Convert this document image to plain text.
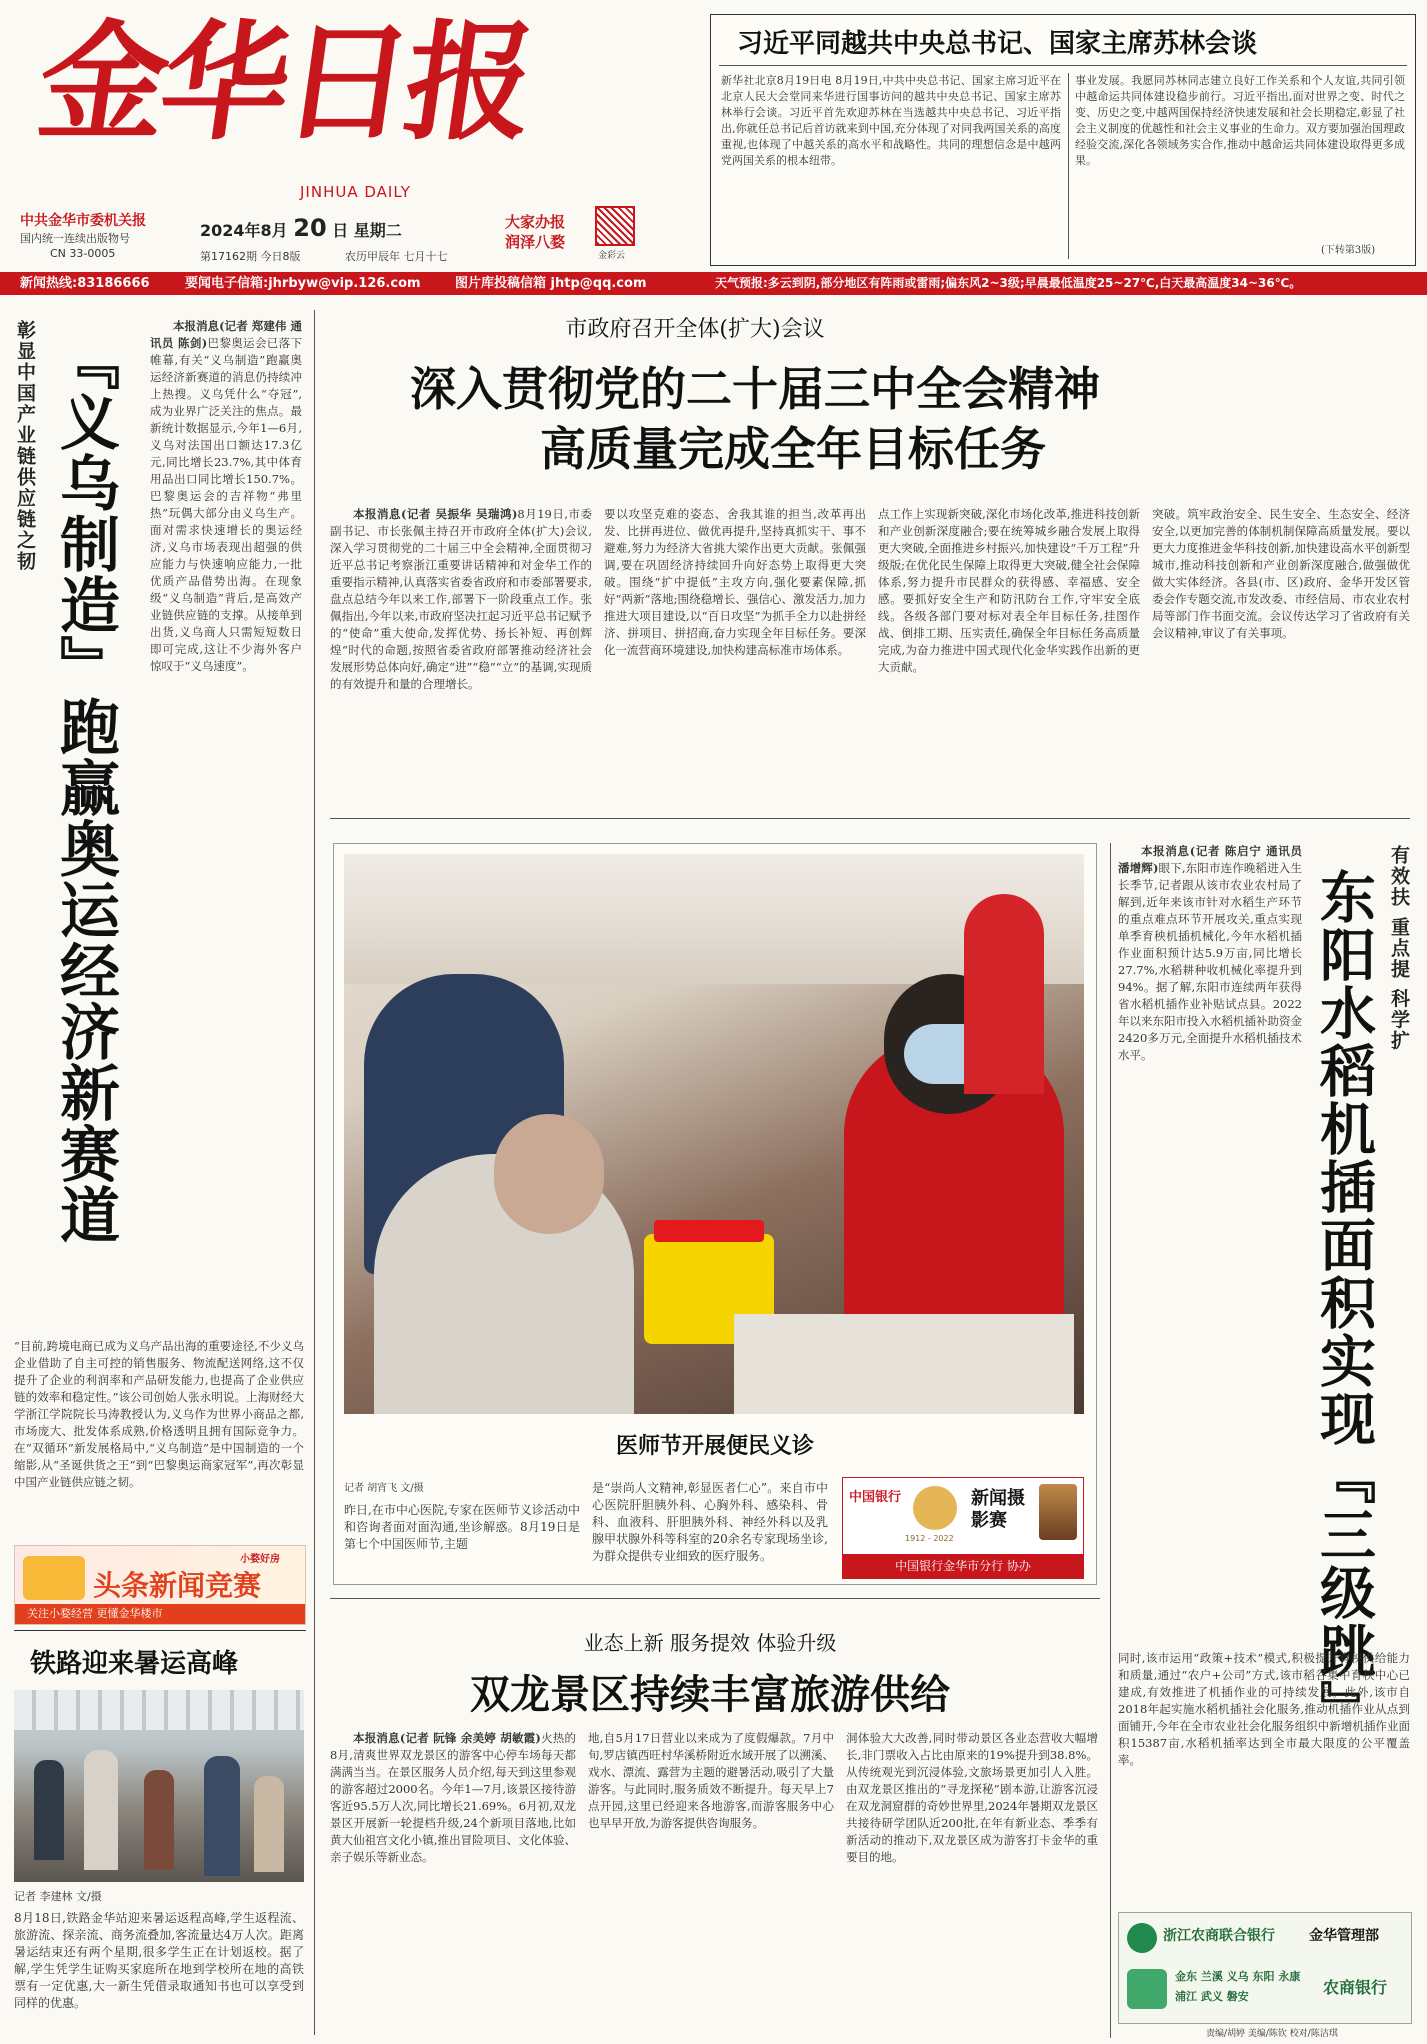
金华日报
JINHUA DAILY
中共金华市委机关报
国内统一连续出版物号
CN 33-0005
2024年8月 20 日 星期二
第17162期 今日8版	农历甲辰年 七月十七
大家办报
润泽八婺
金彩云
习近平同越共中央总书记、国家主席苏林会谈
新华社北京8月19日电 8月19日,中共中央总书记、国家主席习近平在北京人民大会堂同来华进行国事访问的越共中央总书记、国家主席苏林举行会谈。习近平首先欢迎苏林在当选越共中央总书记、习近平指出,你就任总书记后首访就来到中国,充分体现了对同我两国关系的高度重视,也体现了中越关系的高水平和战略性。共同的理想信念是中越两党两国关系的根本纽带。
事业发展。我愿同苏林同志建立良好工作关系和个人友谊,共同引领中越命运共同体建设稳步前行。习近平指出,面对世界之变、时代之变、历史之变,中越两国保持经济快速发展和社会长期稳定,彰显了社会主义制度的优越性和社会主义事业的生命力。双方要加强治国理政经验交流,深化各领域务实合作,推动中越命运共同体建设取得更多成果。
(下转第3版)
新闻热线:83186666	要闻电子信箱:jhrbyw@vip.126.com	图片库投稿信箱 jhtp@qq.com	天气预报:多云到阴,部分地区有阵雨或雷雨;偏东风2~3级;早晨最低温度25~27℃,白天最高温度34~36℃。
彰显中国产业链供应链之韧 『义乌制造』跑赢奥运经济新赛道

本报消息(记者 郑建伟 通讯员 陈剑)巴黎奥运会已落下帷幕,有关“义乌制造”跑赢奥运经济新赛道的消息仍持续冲上热搜。义乌凭什么“夺冠”,成为业界广泛关注的焦点。最新统计数据显示,今年1—6月,义乌对法国出口额达17.3亿元,同比增长23.7%,其中体育用品出口同比增长150.7%。巴黎奥运会的吉祥物“弗里热”玩偶大部分由义乌生产。面对需求快速增长的奥运经济,义乌市场表现出超强的供应能力与快速响应能力,一批优质产品借势出海。在现象级“义乌制造”背后,是高效产业链供应链的支撑。从接单到出货,义乌商人只需短短数日即可完成,这让不少海外客户惊叹于“义乌速度”。

“目前,跨境电商已成为义乌产品出海的重要途径,不少义乌企业借助了自主可控的销售服务、物流配送网络,这不仅提升了企业的利润率和产品研发能力,也提高了企业供应链的效率和稳定性。”该公司创始人张永明说。上海财经大学浙江学院院长马涛教授认为,义乌作为世界小商品之都,市场庞大、批发体系成熟,价格透明且拥有国际竞争力。在“双循环”新发展格局中,“义乌制造”是中国制造的一个缩影,从“圣诞供货之王”到“巴黎奥运商家冠军”,再次彰显中国产业链供应链之韧。
小婺好房
头条新闻竞赛
关注小婺经营 更懂金华楼市
铁路迎来暑运高峰
记者 李建林 文/摄
8月18日,铁路金华站迎来暑运返程高峰,学生返程流、旅游流、探亲流、商务流叠加,客流量达4万人次。距离暑运结束还有两个星期,很多学生正在计划返校。据了解,学生凭学生证购买家庭所在地到学校所在地的高铁票有一定优惠,大一新生凭借录取通知书也可以享受到同样的优惠。
市政府召开全体(扩大)会议
深入贯彻党的二十届三中全会精神
高质量完成全年目标任务

本报消息(记者 吴振华 吴瑞鸿)8月19日,市委副书记、市长张佩主持召开市政府全体(扩大)会议,深入学习贯彻党的二十届三中全会精神,全面贯彻习近平总书记考察浙江重要讲话精神和对金华工作的重要指示精神,认真落实省委省政府和市委部署要求,盘点总结今年以来工作,部署下一阶段重点工作。张佩指出,今年以来,市政府坚决扛起习近平总书记赋予的“使命”重大使命,发挥优势、扬长补短、再创辉煌“时代的命题,按照省委省政府部署推动经济社会发展形势总体向好,确定“进”“稳”“立”的基调,实现质的有效提升和量的合理增长。

要以攻坚克难的姿态、舍我其谁的担当,改革再出发、比拼再进位、做优再提升,坚持真抓实干、事不避难,努力为经济大省挑大梁作出更大贡献。张佩强调,要在巩固经济持续回升向好态势上取得更大突破。围绕“扩中提低”主攻方向,强化要素保障,抓好“两新”落地;围绕稳增长、强信心、激发活力,加力推进大项目建设,以“百日攻坚”为抓手全力以赴拼经济、拼项目、拼招商,奋力实现全年目标任务。要深化一流营商环境建设,加快构建高标准市场体系。
点工作上实现新突破,深化市场化改革,推进科技创新和产业创新深度融合;要在统筹城乡融合发展上取得更大突破,全面推进乡村振兴,加快建设“千万工程”升级版;在优化民生保障上取得更大突破,健全社会保障体系,努力提升市民群众的获得感、幸福感、安全感。要抓好安全生产和防汛防台工作,守牢安全底线。各级各部门要对标对表全年目标任务,挂图作战、倒排工期、压实责任,确保全年目标任务高质量完成,为奋力推进中国式现代化金华实践作出新的更大贡献。
突破。筑牢政治安全、民生安全、生态安全、经济安全,以更加完善的体制机制保障高质量发展。要以更大力度推进金华科技创新,加快建设高水平创新型城市,推动科技创新和产业创新深度融合,做强做优做大实体经济。各县(市、区)政府、金华开发区管委会作专题交流,市发改委、市经信局、市农业农村局等部门作书面交流。会议传达学习了省政府有关会议精神,审议了有关事项。
医师节开展便民义诊
记者 胡宵飞 文/摄
昨日,在市中心医院,专家在医师节义诊活动中和咨询者面对面沟通,坐诊解惑。8月19日是第七个中国医师节,主题
是“崇尚人文精神,彰显医者仁心”。来自市中心医院肝胆胰外科、心胸外科、感染科、骨科、血液科、肝胆胰外科、神经外科以及乳腺甲状腺外科等科室的20余名专家现场坐诊,为群众提供专业细致的医疗服务。
中国银行
1912 - 2022
新闻摄影赛
中国银行金华市分行 协办
有效扶 重点提 科学扩
东阳水稻机插面积实现『三级跳』

本报消息(记者 陈启宁 通讯员 潘增辉)眼下,东阳市连作晚稻进入生长季节,记者跟从该市农业农村局了解到,近年来该市针对水稻生产环节的重点难点环节开展攻关,重点实现单季育秧机插机械化,今年水稻机插作业面积预计达5.9万亩,同比增长27.7%,水稻耕种收机械化率提升到94%。据了解,东阳市连续两年获得省水稻机插作业补贴试点县。2022年以来东阳市投入水稻机插补助资金2420多万元,全面提升水稻机插技术水平。

同时,该市运用“政策+技术”模式,积极提升育秧供给能力和质量,通过“农户+公司”方式,该市稻谷集中育秧中心已建成,有效推进了机插作业的可持续发展。此外,该市自2018年起实施水稻机插社会化服务,推动机插作业从点到面铺开,今年在全市农业社会化服务组织中新增机插作业面积15387亩,水稻机插率达到全市最大限度的公平覆盖率。
浙江农商联合银行 金华管理部
金东 兰溪 义乌 东阳 永康 浦江 武义 磐安	农商银行
责编/胡婷 美编/陈钦 校对/陈洁琪
业态上新 服务提效 体验升级
双龙景区持续丰富旅游供给

本报消息(记者 阮锋 余美婷 胡敏霞)火热的8月,清爽世界双龙景区的游客中心停车场每天都满满当当。在景区服务人员介绍,每天到这里参观的游客超过2000名。今年1—7月,该景区接待游客近95.5万人次,同比增长21.69%。6月初,双龙景区开展新一轮提档升级,24个新项目落地,比如黄大仙祖宫文化小镇,推出冒险项目、文化体验、亲子娱乐等新业态。

地,自5月17日营业以来成为了度假爆款。7月中旬,罗店镇西旺村华溪桥附近水域开展了以溯溪、戏水、漂流、露营为主题的避暑活动,吸引了大量游客。与此同时,服务质效不断提升。每天早上7点开园,这里已经迎来各地游客,而游客服务中心也早早开放,为游客提供咨询服务。
洞体验大大改善,同时带动景区各业态营收大幅增长,非门票收入占比由原来的19%提升到38.8%。从传统观光到沉浸体验,文旅场景更加引人入胜。由双龙景区推出的“寻龙探秘”剧本游,让游客沉浸在双龙洞窟群的奇妙世界里,2024年暑期双龙景区共接待研学团队近200批,在年有新业态、季季有新活动的推动下,双龙景区成为游客打卡金华的重要目的地。
